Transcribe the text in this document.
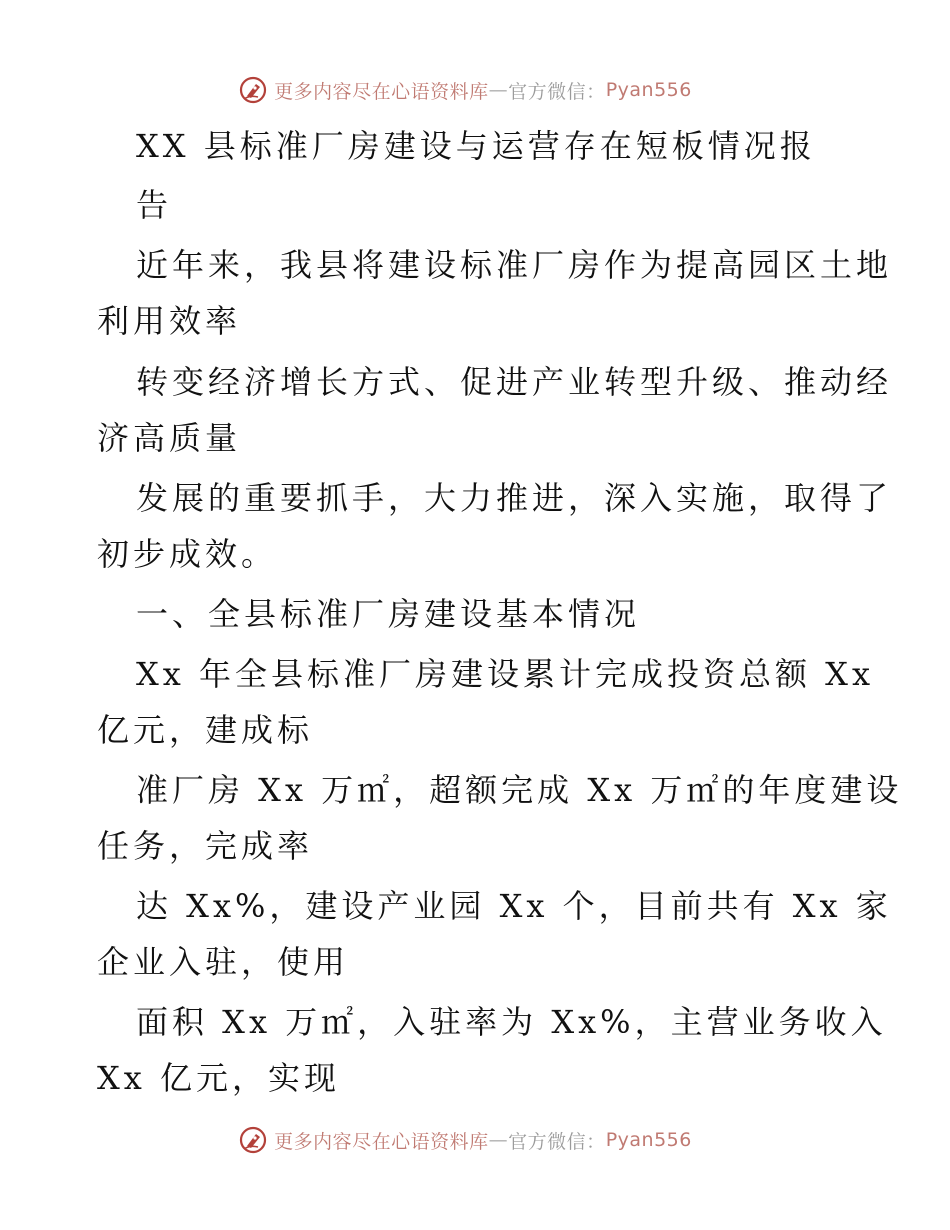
更多内容尽在心语资料库 — 官方微信： Pyan556
XX 县标准厂房建设与运营存在短板情况报
告
近年来，我县将建设标准厂房作为提高园区土地
利用效率
转变经济增长方式、促进产业转型升级、推动经
济高质量
发展的重要抓手，大力推进，深入实施，取得了
初步成效。
一、全县标准厂房建设基本情况
Xx 年全县标准厂房建设累计完成投资总额 Xx
亿元，建成标
准厂房 Xx 万㎡，超额完成 Xx 万㎡的年度建设
任务，完成率
达 Xx%，建设产业园 Xx 个，目前共有 Xx 家
企业入驻，使用
面积 Xx 万㎡，入驻率为 Xx%，主营业务收入
Xx 亿元，实现
更多内容尽在心语资料库 — 官方微信： Pyan556
